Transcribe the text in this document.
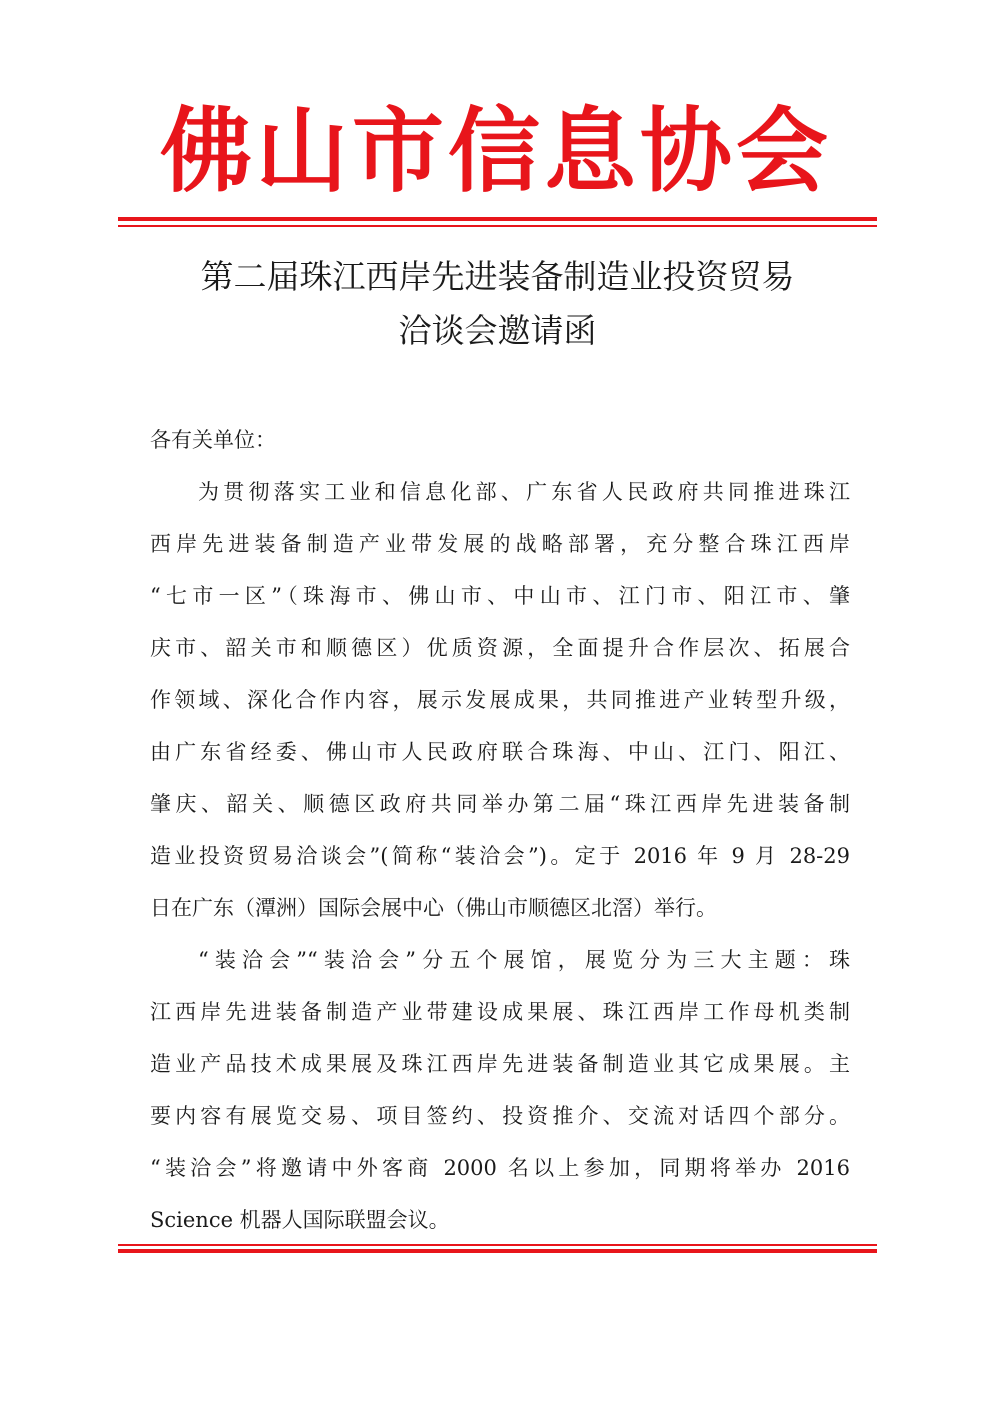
佛山市信息协会
第二届珠江西岸先进装备制造业投资贸易
洽谈会邀请函
各有关单位：
为贯彻落实工业和信息化部、广东省人民政府共同推进珠江
西岸先进装备制造产业带发展的战略部署，充分整合珠江西岸
“七市一区”（珠海市、佛山市、中山市、江门市、阳江市、肇
庆市、韶关市和顺德区）优质资源，全面提升合作层次、拓展合
作领域、深化合作内容，展示发展成果，共同推进产业转型升级，
由广东省经委、佛山市人民政府联合珠海、中山、江门、阳江、
肇庆、韶关、顺德区政府共同举办第二届“珠江西岸先进装备制
造业投资贸易洽谈会”(简称“装洽会”)。定于 2016 年 9 月 28-29
日在广东（潭洲）国际会展中心（佛山市顺德区北滘）举行。
“装洽会”“装洽会”分五个展馆，展览分为三大主题：珠
江西岸先进装备制造产业带建设成果展、珠江西岸工作母机类制
造业产品技术成果展及珠江西岸先进装备制造业其它成果展。主
要内容有展览交易、项目签约、投资推介、交流对话四个部分。
“装洽会”将邀请中外客商 2000 名以上参加，同期将举办 2016
Science 机器人国际联盟会议。
